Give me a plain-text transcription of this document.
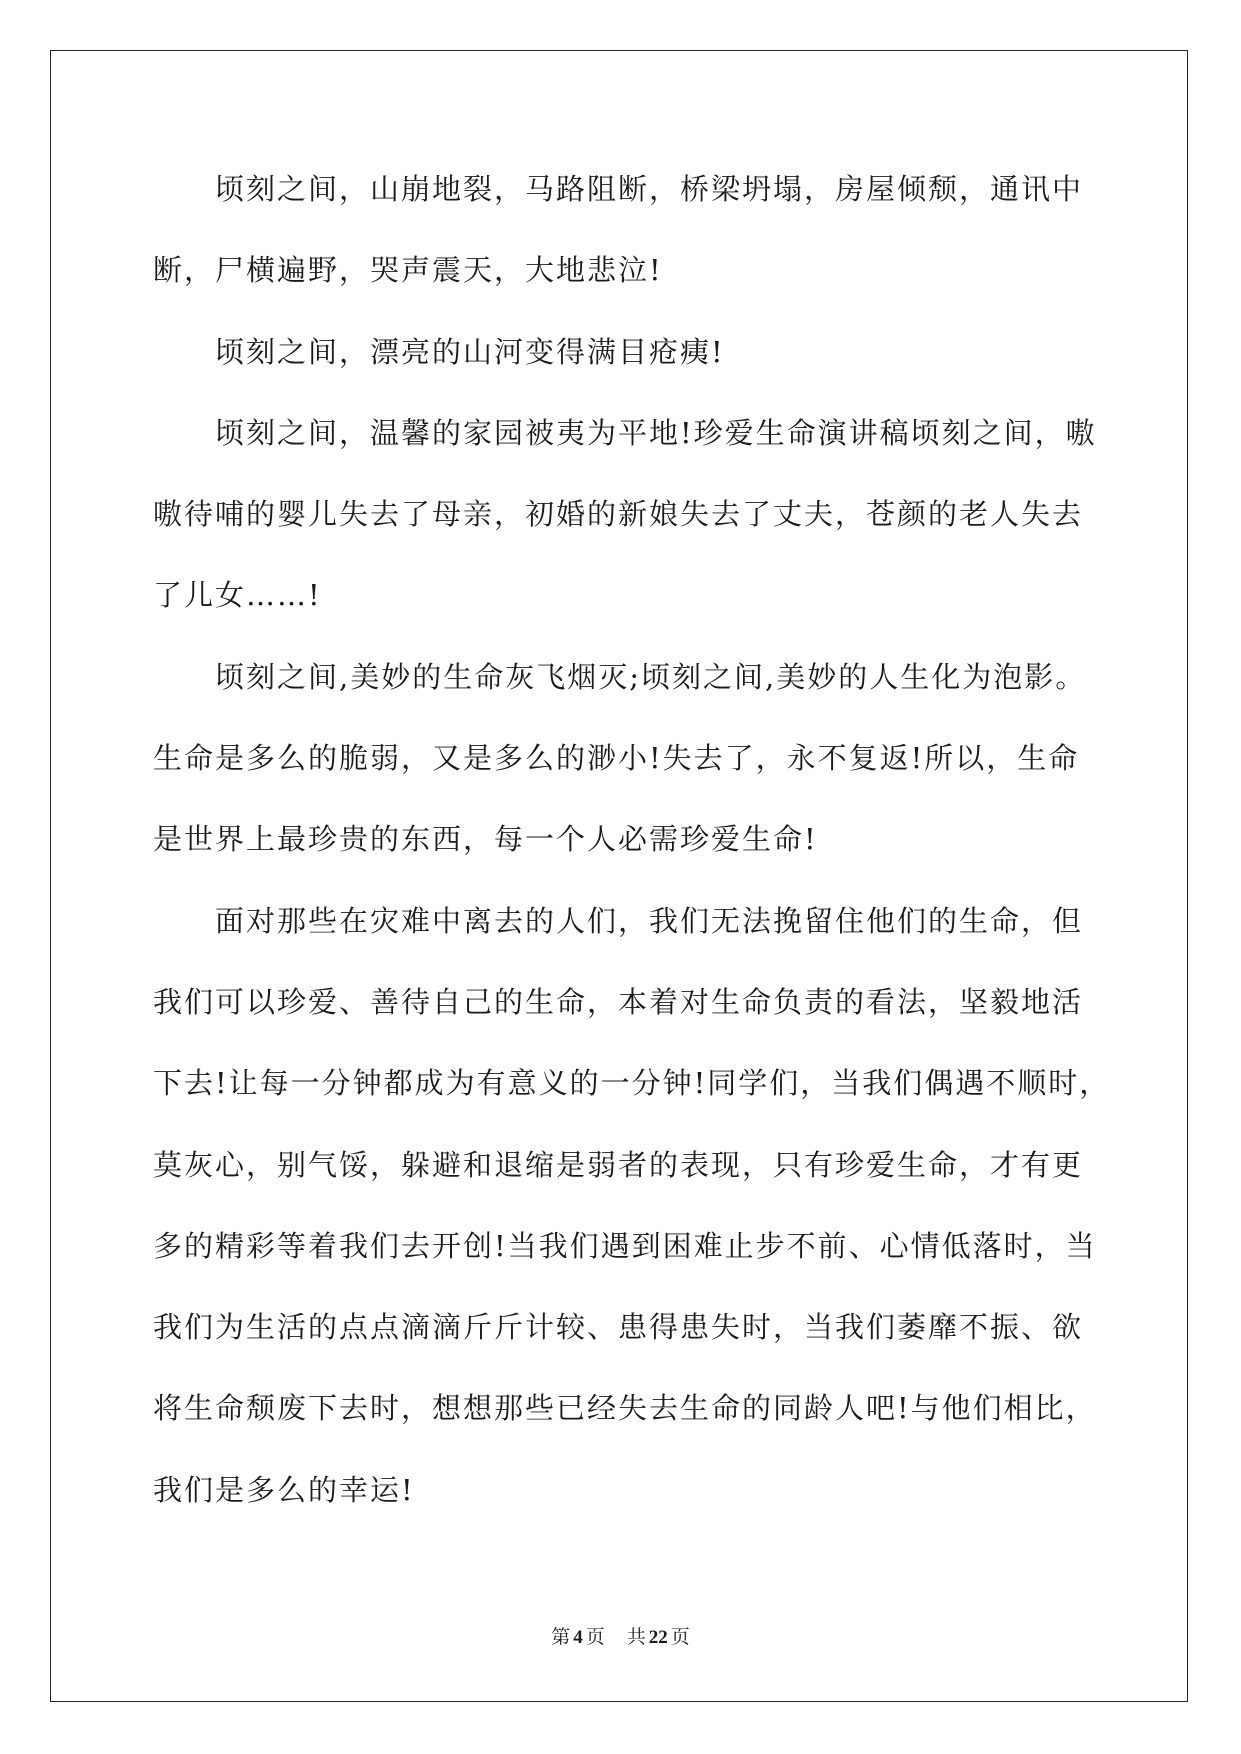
顷刻之间，山崩地裂，马路阻断，桥梁坍塌，房屋倾颓，通讯中
断，尸横遍野，哭声震天，大地悲泣!
顷刻之间，漂亮的山河变得满目疮痍!
顷刻之间，温馨的家园被夷为平地!珍爱生命演讲稿顷刻之间，嗷
嗷待哺的婴儿失去了母亲，初婚的新娘失去了丈夫，苍颜的老人失去
了儿女……!
顷刻之间,美妙的生命灰飞烟灭;顷刻之间,美妙的人生化为泡影。
生命是多么的脆弱，又是多么的渺小!失去了，永不复返!所以，生命
是世界上最珍贵的东西，每一个人必需珍爱生命!
面对那些在灾难中离去的人们，我们无法挽留住他们的生命，但
我们可以珍爱、善待自己的生命，本着对生命负责的看法，坚毅地活
下去!让每一分钟都成为有意义的一分钟!同学们，当我们偶遇不顺时，
莫灰心，别气馁，躲避和退缩是弱者的表现，只有珍爱生命，才有更
多的精彩等着我们去开创!当我们遇到困难止步不前、心情低落时，当
我们为生活的点点滴滴斤斤计较、患得患失时，当我们萎靡不振、欲
将生命颓废下去时，想想那些已经失去生命的同龄人吧!与他们相比，
我们是多么的幸运!
第 4 页 共 22 页
